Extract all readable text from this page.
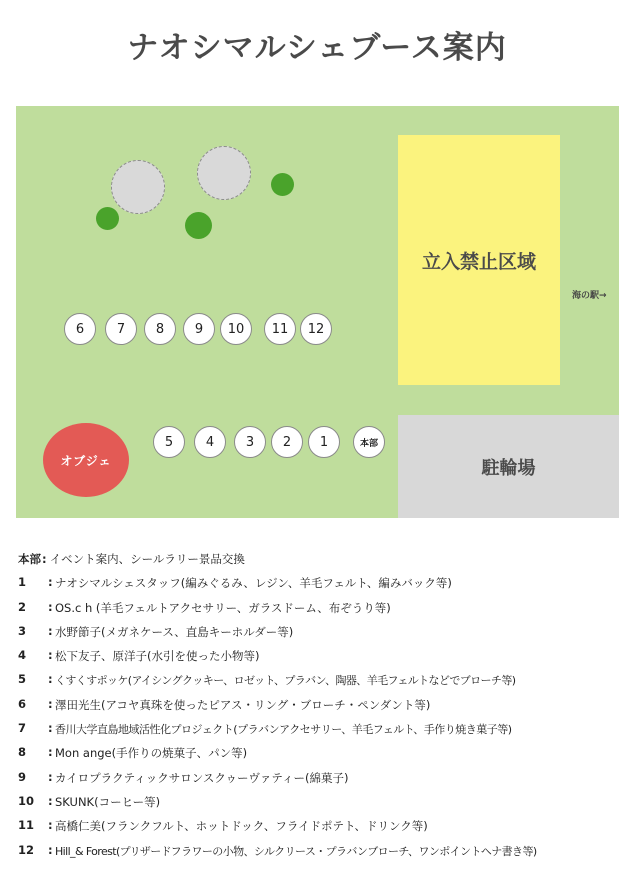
ナオシマルシェブース案内
立入禁止区域
駐輪場
オブジェ
海の駅→
6	7	8	9	10	11	12
5	4	3	2	1	本部
本部: イベント案内、シールラリー景品交換
1 : ナオシマルシェスタッフ(編みぐるみ、レジン、羊毛フェルト、編みバック等)
2 : OS.c h (羊毛フェルトアクセサリー、ガラスドーム、布ぞうり等)
3 : 水野節子(メガネケース、直島キーホルダー等)
4 : 松下友子、原洋子(水引を使った小物等)
5 : くすくすポッケ(アイシングクッキー、ロゼット、プラバン、陶器、羊毛フェルトなどでブローチ等)
6 : 澤田光生(アコヤ真珠を使ったピアス・リング・ブローチ・ペンダント等)
7 : 香川大学直島地域活性化プロジェクト(プラバンアクセサリー、羊毛フェルト、手作り焼き菓子等)
8 : Mon ange(手作りの焼菓子、パン等)
9 : カイロプラクティックサロンスクゥーヴァティー(綿菓子)
10 : SKUNK(コーヒー等)
11 : 高橋仁美(フランクフルト、ホットドック、フライドポテト、ドリンク等)
12 : Hill_& Forest(プリザードフラワーの小物、シルクリース・プラバンブローチ、ワンポイントヘナ書き等)
